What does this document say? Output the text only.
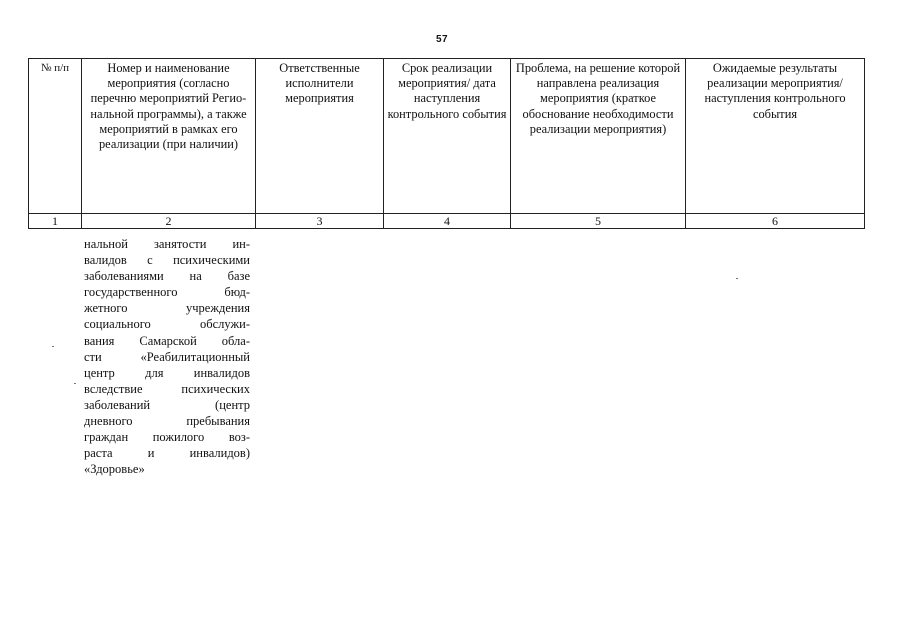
57
№ п/п	Номер и наименование мероприятия (согласно перечню мероприятий Регио-нальной программы), а также мероприятий в рамках его реализации (при наличии)	Ответственные исполнители мероприятия	Срок реализации мероприятия/ дата наступления контрольного события	Проблема, на решение которой направлена реализация мероприятия (краткое обоснование необходимости реализации мероприятия)	Ожидаемые результаты реализации мероприятия/ наступления контрольного события
1	2	3	4	5	6
нальной занятости ин-
валидов с психическими
заболеваниями на базе
государственного бюд-
жетного учреждения
социального обслужи-
вания Самарской обла-
сти «Реабилитационный
центр для инвалидов
вследствие психических
заболеваний (центр
дневного пребывания
граждан пожилого воз-
раста и инвалидов)
«Здоровье»
